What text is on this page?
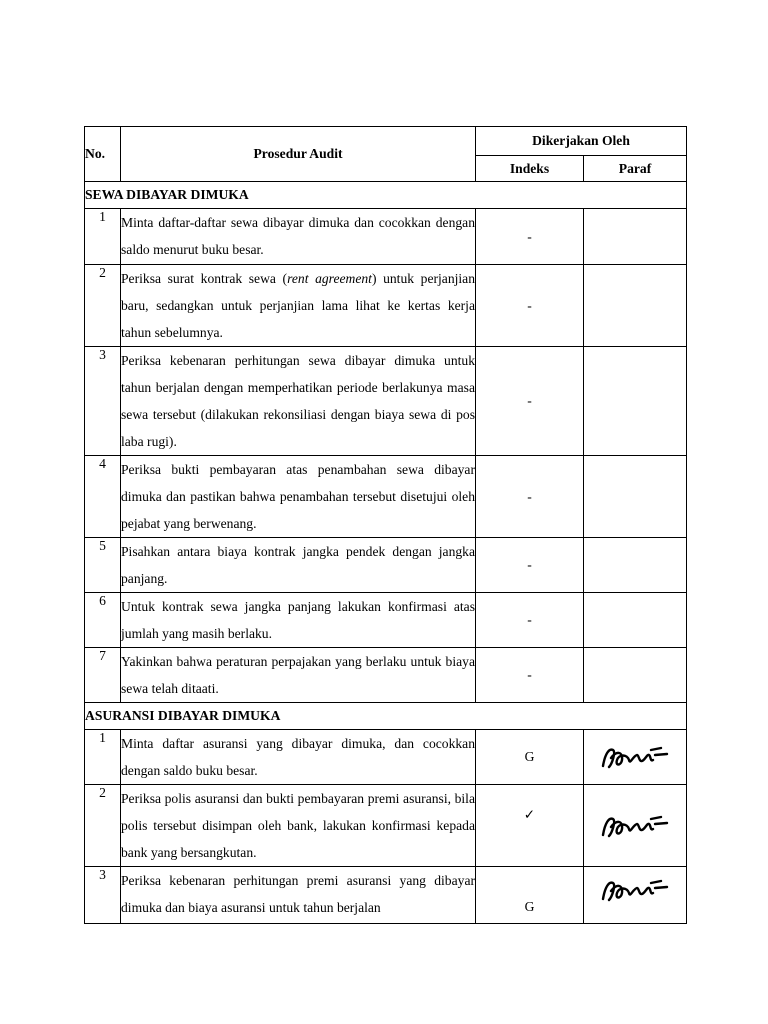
No.	Prosedur Audit	Dikerjakan Oleh	
		Indeks	Paraf
SEWA DIBAYAR DIMUKA			
1	Minta daftar-daftar sewa dibayar dimuka dan cocokkan dengan saldo menurut buku besar.	-	
2	Periksa surat kontrak sewa (rent agreement) untuk perjanjian baru, sedangkan untuk perjanjian lama lihat ke kertas kerja tahun sebelumnya.	-	
3	Periksa kebenaran perhitungan sewa dibayar dimuka untuk tahun berjalan dengan memperhatikan periode berlakunya masa sewa tersebut (dilakukan rekonsiliasi dengan biaya sewa di pos laba rugi).	-	
4	Periksa bukti pembayaran atas penambahan sewa dibayar dimuka dan pastikan bahwa penambahan tersebut disetujui oleh pejabat yang berwenang.	-	
5	Pisahkan antara biaya kontrak jangka pendek dengan jangka panjang.	-	
6	Untuk kontrak sewa jangka panjang lakukan konfirmasi atas jumlah yang masih berlaku.	-	
7	Yakinkan bahwa peraturan perpajakan yang berlaku untuk biaya sewa telah ditaati.	-	
ASURANSI DIBAYAR DIMUKA			
1	Minta daftar asuransi yang dibayar dimuka, dan cocokkan dengan saldo buku besar.	G	
2	Periksa polis asuransi dan bukti pembayaran premi asuransi, bila polis tersebut disimpan oleh bank, lakukan konfirmasi kepada bank yang bersangkutan.	✓	
3	Periksa kebenaran perhitungan premi asuransi yang dibayar dimuka dan biaya asuransi untuk tahun berjalan	G	
